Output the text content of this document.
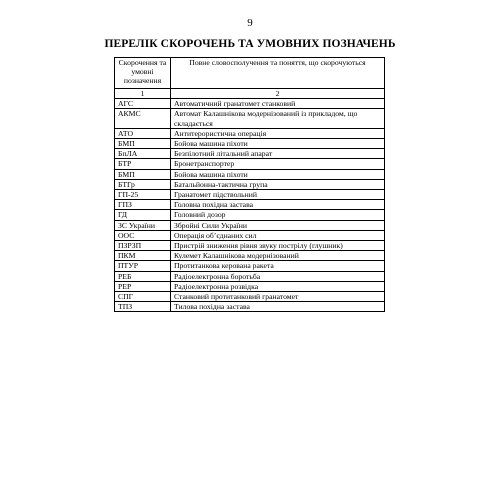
9
ПЕРЕЛІК СКОРОЧЕНЬ ТА УМОВНИХ ПОЗНАЧЕНЬ
Скорочення та умовні позначення	Повне словосполучення та поняття, що скорочуються
1	2
АГС	Автоматичний гранатомет станковий
АКМС	Автомат Калашнікова модернізований із прикладом, що складається
АТО	Антитерористична операція
БМП	Бойова машина піхоти
БпЛА	Безпілотний літальний апарат
БТР	Бронетранспортер
БМП	Бойова машина піхоти
БТГр	Батальйонна-тактична група
ГП-25	Гранатомет підствольний
ГПЗ	Головна похідна застава
ГД	Головний дозор
ЗС України	Збройні Сили України
ООС	Операція об’єднаних сил
ПЗРЗП	Пристрій зниження рівня звуку пострілу (глушник)
ПКМ	Кулемет Калашнікова модернізований
ПТУР	Протитанкова керована ракета
РЕБ	Радіоелектронна боротьба
РЕР	Радіоелектронна розвідка
СПГ	Станковий протитанковий гранатомет
ТПЗ	Тилова похідна застава
